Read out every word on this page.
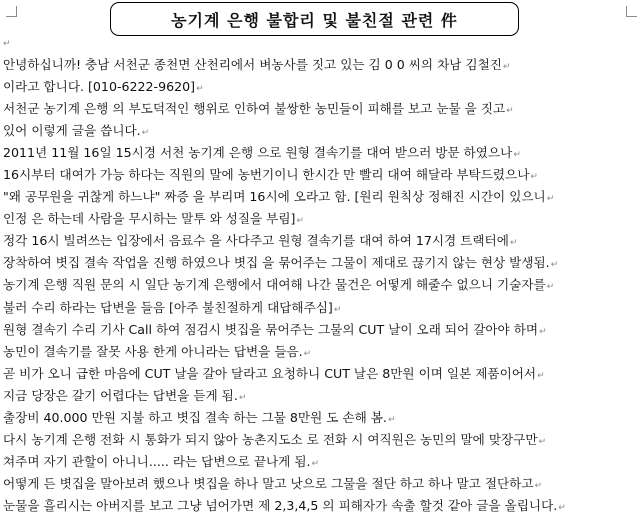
농기계 은행 불합리 및 불친절 관련 件
↵
안녕하십니까! 충남 서천군 종천면 산천리에서 벼농사를 짓고 있는 김 0 0 씨의 차남 김철진↵
이라고 합니다. [010-6222-9620]↵
서천군 농기계 은행 의 부도덕적인 행위로 인하여 불쌍한 농민들이 피해를 보고 눈물 을 짓고↵
있어 이렇게 글을 씁니다.↵
2011년 11월 16일 15시경 서천 농기계 은행 으로 원형 결속기를 대여 받으러 방문 하였으나↵
16시부터 대여가 가능 하다는 직원의 말에 농번기이니 한시간 만 빨리 대여 해달라 부탁드렸으나↵
"왜 공무원을 귀찮게 하느냐" 짜증 을 부리며 16시에 오라고 함. [원리 원칙상 정해진 시간이 있으니↵
인정 은 하는데 사람을 무시하는 말투 와 성질을 부림]↵
정각 16시 빌려쓰는 입장에서 음료수 을 사다주고 원형 결속기를 대여 하여 17시경 트랙터에↵
장착하여 볏집 결속 작업을 진행 하였으나 볏집 을 묶어주는 그물이 제대로 끊기지 않는 현상 발생됨.↵
농기계 은행 직원 문의 시 일단 농기계 은행에서 대여해 나간 물건은 어떻게 해줄수 없으니 기술자를↵
불러 수리 하라는 답변을 들음 [아주 불친절하게 대답해주심]↵
원형 결속기 수리 기사 Call 하여 점검시 볏집을 묶어주는 그물의 CUT 날이 오래 되어 갈아야 하며↵
농민이 결속기를 잘못 사용 한게 아니라는 답변을 들음.↵
곧 비가 오니 급한 마음에 CUT 날을 갈아 달라고 요청하니 CUT 날은 8만원 이며 일본 제품이어서↵
지금 당장은 갈기 어렵다는 답변을 듣게 됨.↵
출장비 40.000 만원 지불 하고 볏집 결속 하는 그물 8만원 도 손해 봄.↵
다시 농기계 은행 전화 시 통화가 되지 않아 농촌지도소 로 전화 시 여직원은 농민의 말에 맞장구만↵
쳐주며 자기 관할이 아니니..... 라는 답변으로 끝나게 됨.↵
어떻게 든 볏집을 말아보려 했으나 볏집을 하나 말고 낫으로 그물을 절단 하고 하나 말고 절단하고↵
눈물을 흘리시는 아버지를 보고 그냥 넘어가면 제 2,3,4,5 의 피해자가 속출 할것 같아 글을 올립니다.↵
